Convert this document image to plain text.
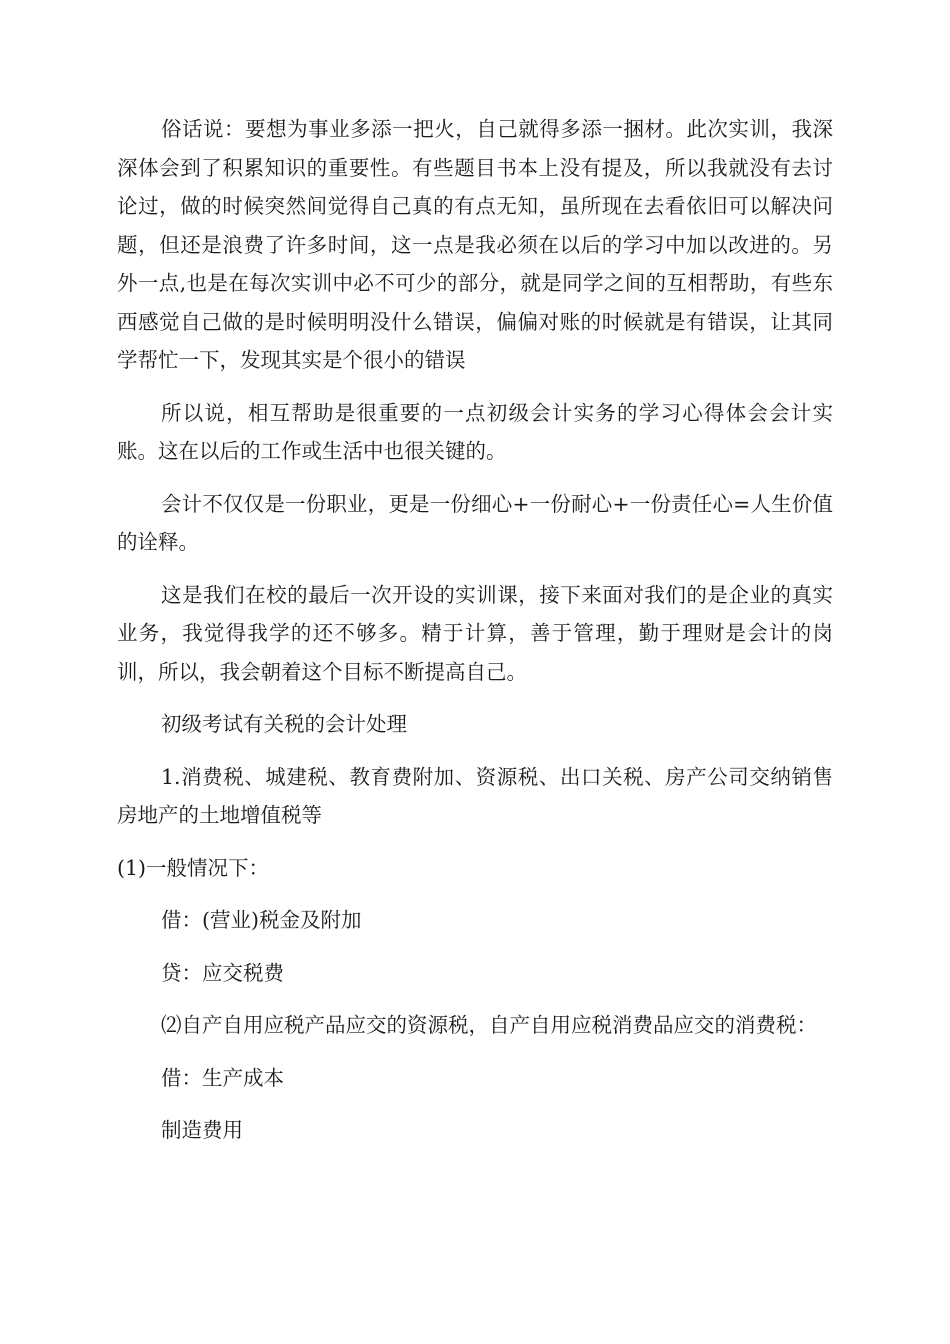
俗话说：要想为事业多添一把火，自己就得多添一捆材。此次实训，我深深体会到了积累知识的重要性。有些题目书本上没有提及，所以我就没有去讨论过，做的时候突然间觉得自己真的有点无知，虽所现在去看依旧可以解决问题，但还是浪费了许多时间，这一点是我必须在以后的学习中加以改进的。另外一点,也是在每次实训中必不可少的部分，就是同学之间的互相帮助，有些东西感觉自己做的是时候明明没什么错误，偏偏对账的时候就是有错误，让其同学帮忙一下，发现其实是个很小的错误

所以说，相互帮助是很重要的一点初级会计实务的学习心得体会会计实账。这在以后的工作或生活中也很关键的。

会计不仅仅是一份职业，更是一份细心+一份耐心+一份责任心=人生价值的诠释。

这是我们在校的最后一次开设的实训课，接下来面对我们的是企业的真实业务，我觉得我学的还不够多。精于计算，善于管理，勤于理财是会计的岗训，所以，我会朝着这个目标不断提高自己。

初级考试有关税的会计处理

1.消费税、城建税、教育费附加、资源税、出口关税、房产公司交纳销售房地产的土地增值税等

(1)一般情况下：

借：(营业)税金及附加

贷：应交税费

⑵自产自用应税产品应交的资源税，自产自用应税消费品应交的消费税：

借：生产成本

制造费用
